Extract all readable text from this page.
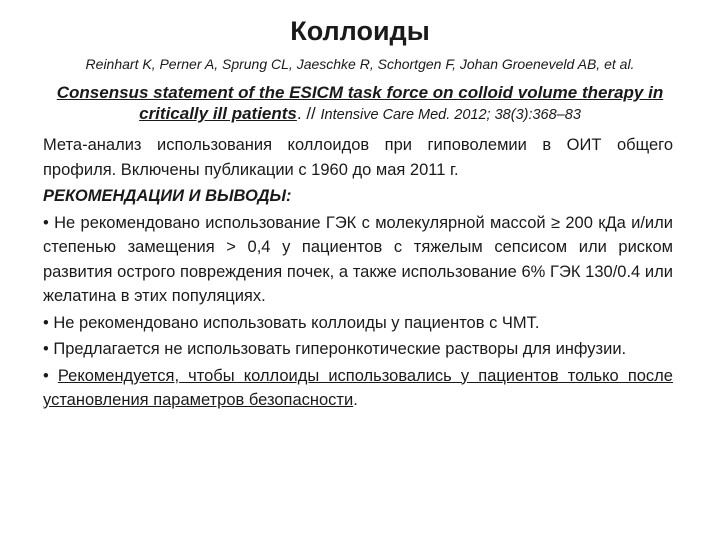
Коллоиды
Reinhart K, Perner A, Sprung CL, Jaeschke R, Schortgen F, Johan Groeneveld AB, et al.
Consensus statement of the ESICM task force on colloid volume therapy in critically ill patients. // Intensive Care Med. 2012; 38(3):368–83

Мета-анализ использования коллоидов при гиповолемии в ОИТ общего профиля. Включены публикации с 1960 до мая 2011 г.

РЕКОМЕНДАЦИИ И ВЫВОДЫ:

• Не рекомендовано использование ГЭК с молекулярной массой ≥ 200 кДа и/или степенью замещения > 0,4 у пациентов с тяжелым сепсисом или риском развития острого повреждения почек, а также использование 6% ГЭК 130/0.4 или желатина в этих популяциях.

• Не рекомендовано использовать коллоиды у пациентов с ЧМТ.

• Предлагается не использовать гиперонкотические растворы для инфузии.

• Рекомендуется, чтобы коллоиды использовались у пациентов только после установления параметров безопасности.
